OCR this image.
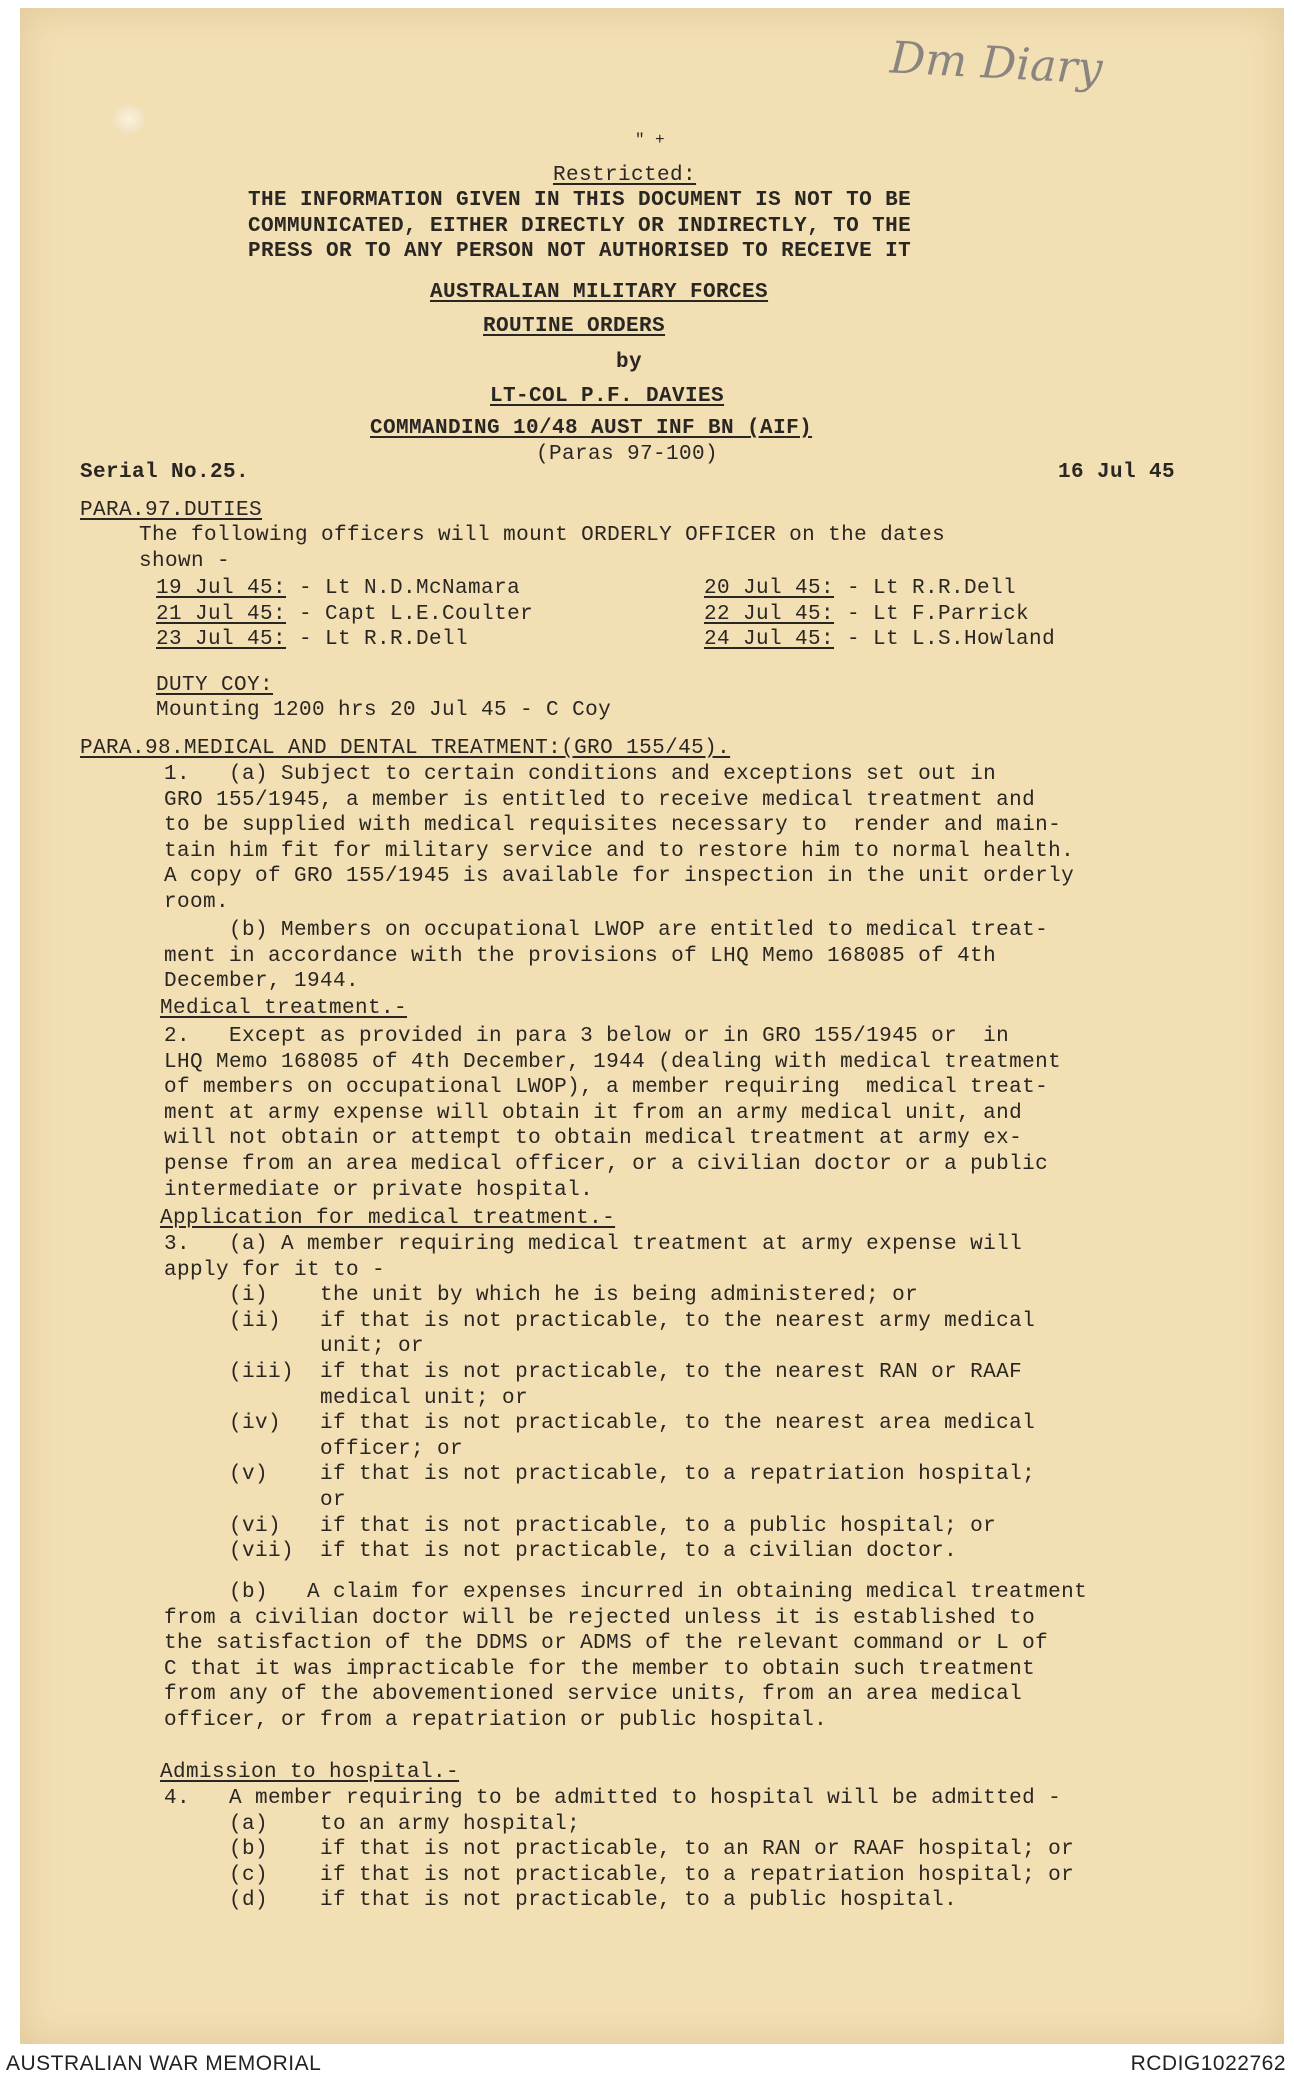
Dm Diary
" +
Restricted:
THE INFORMATION GIVEN IN THIS DOCUMENT IS NOT TO BE
COMMUNICATED, EITHER DIRECTLY OR INDIRECTLY, TO THE
PRESS OR TO ANY PERSON NOT AUTHORISED TO RECEIVE IT
AUSTRALIAN MILITARY FORCES
ROUTINE ORDERS
by
LT-COL P.F. DAVIES
COMMANDING 10/48 AUST INF BN (AIF)
(Paras 97-100)
Serial No.25.	16 Jul 45
PARA.97.DUTIES
The following officers will mount ORDERLY OFFICER on the dates
shown -
19 Jul 45: - Lt N.D.McNamara
21 Jul 45: - Capt L.E.Coulter
23 Jul 45: - Lt R.R.Dell
20 Jul 45: - Lt R.R.Dell
22 Jul 45: - Lt F.Parrick
24 Jul 45: - Lt L.S.Howland
DUTY COY:
Mounting 1200 hrs 20 Jul 45 - C Coy
PARA.98.MEDICAL AND DENTAL TREATMENT:(GRO 155/45).
1.   (a) Subject to certain conditions and exceptions set out in
GRO 155/1945, a member is entitled to receive medical treatment and
to be supplied with medical requisites necessary to  render and main-
tain him fit for military service and to restore him to normal health.
A copy of GRO 155/1945 is available for inspection in the unit orderly
room.
(b) Members on occupational LWOP are entitled to medical treat-
ment in accordance with the provisions of LHQ Memo 168085 of 4th
December, 1944.
Medical treatment.-
2.   Except as provided in para 3 below or in GRO 155/1945 or  in
LHQ Memo 168085 of 4th December, 1944 (dealing with medical treatment
of members on occupational LWOP), a member requiring  medical treat-
ment at army expense will obtain it from an army medical unit, and
will not obtain or attempt to obtain medical treatment at army ex-
pense from an area medical officer, or a civilian doctor or a public
intermediate or private hospital.
Application for medical treatment.-
3.   (a) A member requiring medical treatment at army expense will
apply for it to -
(i)    the unit by which he is being administered; or
(ii)   if that is not practicable, to the nearest army medical
unit; or
(iii)  if that is not practicable, to the nearest RAN or RAAF
medical unit; or
(iv)   if that is not practicable, to the nearest area medical
officer; or
(v)    if that is not practicable, to a repatriation hospital;
or
(vi)   if that is not practicable, to a public hospital; or
(vii)  if that is not practicable, to a civilian doctor.
(b)   A claim for expenses incurred in obtaining medical treatment
from a civilian doctor will be rejected unless it is established to
the satisfaction of the DDMS or ADMS of the relevant command or L of
C that it was impracticable for the member to obtain such treatment
from any of the abovementioned service units, from an area medical
officer, or from a repatriation or public hospital.
Admission to hospital.-
4.   A member requiring to be admitted to hospital will be admitted -
(a)    to an army hospital;
(b)    if that is not practicable, to an RAN or RAAF hospital; or
(c)    if that is not practicable, to a repatriation hospital; or
(d)    if that is not practicable, to a public hospital.
AUSTRALIAN WAR MEMORIAL	RCDIG1022762
